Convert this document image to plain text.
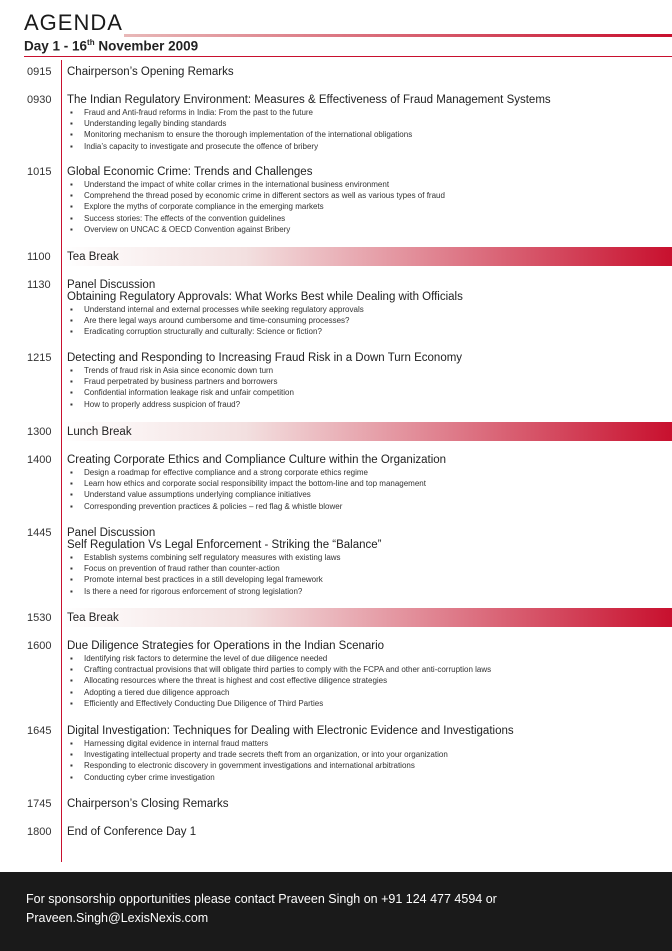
AGENDA
Day 1 - 16th November 2009
0915 Chairperson’s Opening Remarks

0930 The Indian Regulatory Environment: Measures & Effectiveness of Fraud Management Systems

▪ Fraud and Anti-fraud reforms in India: From the past to the future
▪ Understanding legally binding standards
▪ Monitoring mechanism to ensure the thorough implementation of the international obligations
▪ India’s capacity to investigate and prosecute the offence of bribery
1015 Global Economic Crime: Trends and Challenges

▪ Understand the impact of white collar crimes in the international business environment
▪ Comprehend the thread posed by economic crime in different sectors as well as various types of fraud
▪ Explore the myths of corporate compliance in the emerging markets
▪ Success stories: The effects of the convention guidelines
▪ Overview on UNCAC & OECD Convention against Bribery
1100 Tea Break

1130 Panel Discussion

Obtaining Regulatory Approvals: What Works Best while Dealing with Officials

▪ Understand internal and external processes while seeking regulatory approvals
▪ Are there legal ways around cumbersome and time-consuming processes?
▪ Eradicating corruption structurally and culturally: Science or fiction?
1215 Detecting and Responding to Increasing Fraud Risk in a Down Turn Economy

▪ Trends of fraud risk in Asia since economic down turn
▪ Fraud perpetrated by business partners and borrowers
▪ Confidential information leakage risk and unfair competition
▪ How to properly address suspicion of fraud?
1300 Lunch Break

1400 Creating Corporate Ethics and Compliance Culture within the Organization

▪ Design a roadmap for effective compliance and a strong corporate ethics regime
▪ Learn how ethics and corporate social responsibility impact the bottom-line and top management
▪ Understand value assumptions underlying compliance initiatives
▪ Corresponding prevention practices & policies – red flag & whistle blower
1445 Panel Discussion

Self Regulation Vs Legal Enforcement - Striking the “Balance”

▪ Establish systems combining self regulatory measures with existing laws
▪ Focus on prevention of fraud rather than counter-action
▪ Promote internal best practices in a still developing legal framework
▪ Is there a need for rigorous enforcement of strong legislation?
1530 Tea Break

1600 Due Diligence Strategies for Operations in the Indian Scenario

▪ Identifying risk factors to determine the level of due diligence needed
▪ Crafting contractual provisions that will obligate third parties to comply with the FCPA and other anti-corruption laws
▪ Allocating resources where the threat is highest and cost effective diligence strategies
▪ Adopting a tiered due diligence approach
▪ Efficiently and Effectively Conducting Due Diligence of Third Parties
1645 Digital Investigation: Techniques for Dealing with Electronic Evidence and Investigations

▪ Harnessing digital evidence in internal fraud matters
▪ Investigating intellectual property and trade secrets theft from an organization, or into your organization
▪ Responding to electronic discovery in government investigations and international arbitrations
▪ Conducting cyber crime investigation
1745 Chairperson’s Closing Remarks

1800 End of Conference Day 1

For sponsorship opportunities please contact Praveen Singh on +91 124 477 4594 or
Praveen.Singh@LexisNexis.com
